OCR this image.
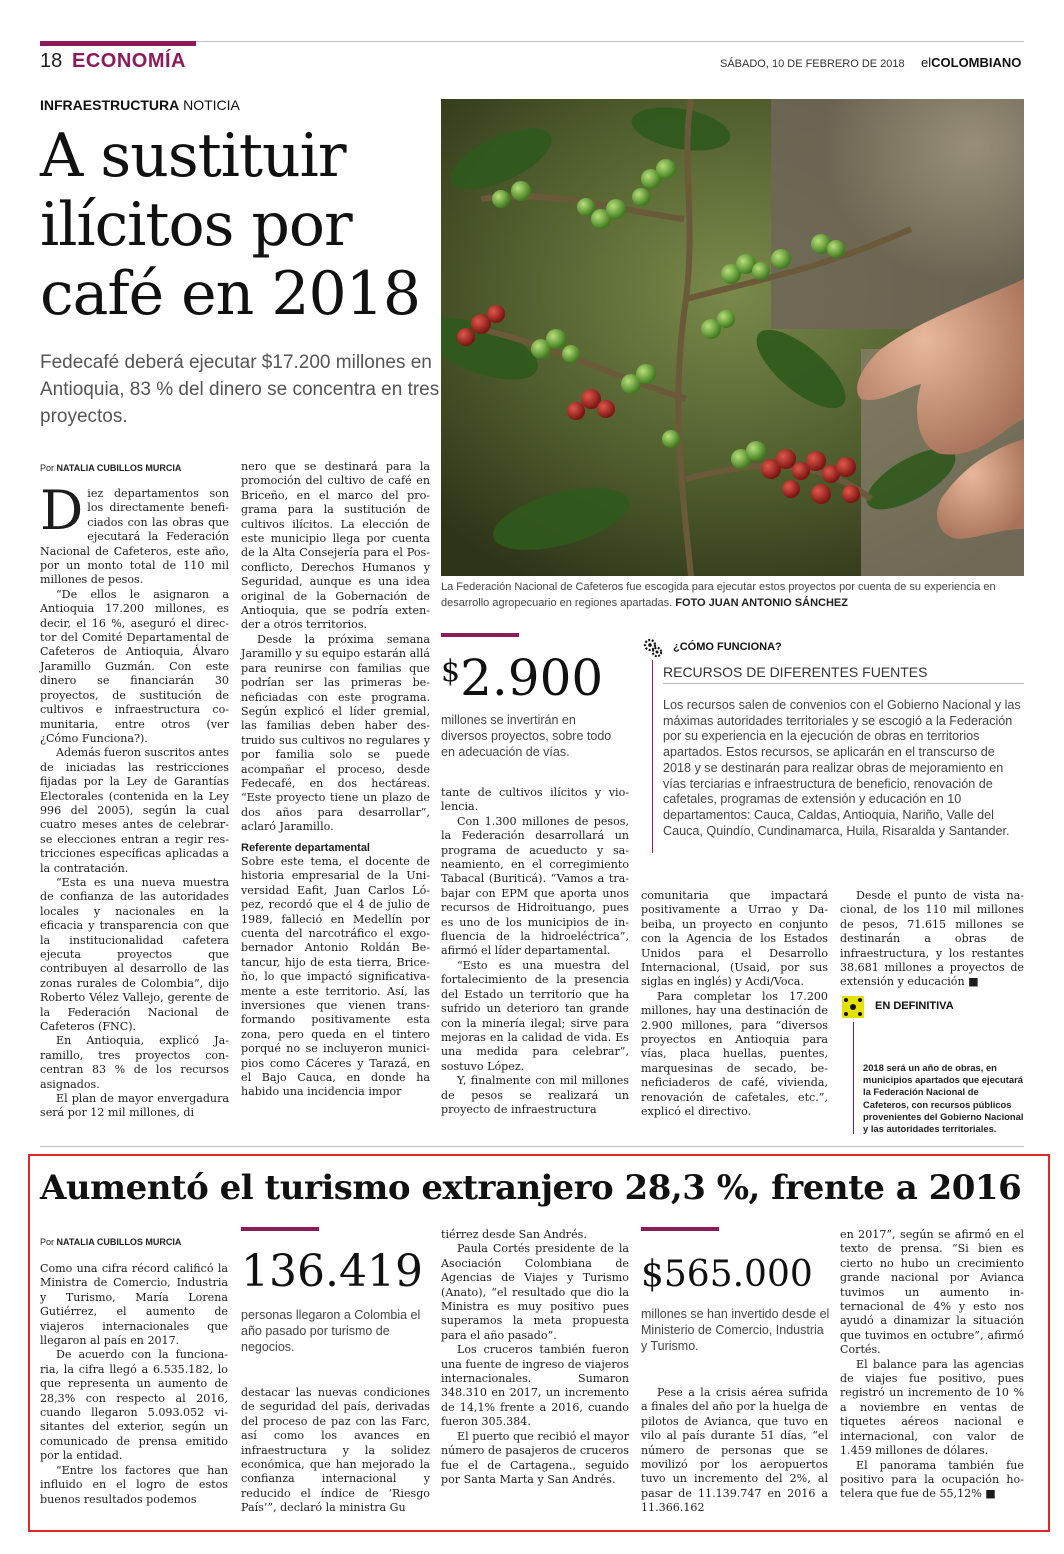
18 ECONOMÍA	SÁBADO, 10 DE FEBRERO DE 2018 elCOLOMBIANO
INFRAESTRUCTURA NOTICIA
A sustituir ilícitos por café en 2018
Fedecafé deberá ejecutar $17.200 millones en Antioquia, 83 % del dinero se concentra en tres proyectos.
La Federación Nacional de Cafeteros fue escogida para ejecutar estos proyectos por cuenta de su experiencia en desarrollo agropecuario en regiones apartadas. FOTO JUAN ANTONIO SÁNCHEZ
Por NATALIA CUBILLOS MURCIA

Diez departamentos son los directamente beneficiados con las obras que ejecutará la Federación Nacional de Cafeteros, este año, por un monto total de 110 mil millones de pesos.

“De ellos le asignaron a Antioquia 17.200 millones, es decir, el 16 %, aseguró el director del Comité Departamental de Cafeteros de Antioquia, Álvaro Jaramillo Guzmán. Con este dinero se financiarán 30 proyectos, de sustitución de cultivos e infraestructura comunitaria, entre otros (ver ¿Cómo Funciona?).

Además fueron suscritos antes de iniciadas las restricciones fijadas por la Ley de Garantías Electorales (contenida en la Ley 996 del 2005), según la cual cuatro meses antes de celebrarse elecciones entran a regir restricciones específicas aplicadas a la contratación.

“Esta es una nueva muestra de confianza de las autoridades locales y nacionales en la eficacia y transparencia con que la institucionalidad cafetera ejecuta proyectos que contribuyen al desarrollo de las zonas rurales de Colombia”, dijo Roberto Vélez Vallejo, gerente de la Federación Nacional de Cafeteros (FNC).

En Antioquia, explicó Jaramillo, tres proyectos concentran 83 % de los recursos asignados.

El plan de mayor envergadura será por 12 mil millones, di

nero que se destinará para la promoción del cultivo de café en Briceño, en el marco del programa para la sustitución de cultivos ilícitos. La elección de este municipio llega por cuenta de la Alta Consejería para el Posconflicto, Derechos Humanos y Seguridad, aunque es una idea original de la Gobernación de Antioquia, que se podría extender a otros territorios.

Desde la próxima semana Jaramillo y su equipo estarán allá para reunirse con familias que podrían ser las primeras beneficiadas con este programa. Según explicó el líder gremial, las familias deben haber destruido sus cultivos no regulares y por familia solo se puede acompañar el proceso, desde Fedecafé, en dos hectáreas. “Este proyecto tiene un plazo de dos años para desarrollar”, aclaró Jaramillo.

Referente departamental

Sobre este tema, el docente de historia empresarial de la Universidad Eafit, Juan Carlos López, recordó que el 4 de julio de 1989, falleció en Medellín por cuenta del narcotráfico el exgobernador Antonio Roldán Betancur, hijo de esta tierra, Briceño, lo que impactó significativamente a este territorio. Así, las inversiones que vienen transformando positivamente esta zona, pero queda en el tintero porqué no se incluyeron municipios como Cáceres y Tarazá, en el Bajo Cauca, en donde ha habido una incidencia impor

$2.900
millones se invertirán en diversos proyectos, sobre todo en adecuación de vías.
¿CÓMO FUNCIONA?
RECURSOS DE DIFERENTES FUENTES
Los recursos salen de convenios con el Gobierno Nacional y las máximas autoridades territoriales y se escogió a la Federación por su experiencia en la ejecución de obras en territorios apartados. Estos recursos, se aplicarán en el transcurso de 2018 y se destinarán para realizar obras de mejoramiento en vías terciarias e infraestructura de beneficio, renovación de cafetales, programas de extensión y educación en 10 departamentos: Cauca, Caldas, Antioquia, Nariño, Valle del Cauca, Quindío, Cundinamarca, Huila, Risaralda y Santander.

tante de cultivos ilícitos y violencia.

Con 1.300 millones de pesos, la Federación desarrollará un programa de acueducto y saneamiento, en el corregimiento Tabacal (Buriticá). “Vamos a trabajar con EPM que aporta unos recursos de Hidroituango, pues es uno de los municipios de influencia de la hidroeléctrica”, afirmó el líder departamental.

“Esto es una muestra del fortalecimiento de la presencia del Estado un territorio que ha sufrido un deterioro tan grande con la minería ilegal; sirve para mejoras en la calidad de vida. Es una medida para celebrar”, sostuvo López.

Y, finalmente con mil millones de pesos se realizará un proyecto de infraestructura

comunitaria que impactará positivamente a Urrao y Dabeiba, un proyecto en conjunto con la Agencia de los Estados Unidos para el Desarrollo Internacional, (Usaid, por sus siglas en inglés) y Acdi/Voca.

Para completar los 17.200 millones, hay una destinación de 2.900 millones, para “diversos proyectos en Antioquia para vías, placa huellas, puentes, marquesinas de secado, beneficiaderos de café, vivienda, renovación de cafetales, etc.”, explicó el directivo.

Desde el punto de vista nacional, de los 110 mil millones de pesos, 71.615 millones se destinarán a obras de infraestructura, y los restantes 38.681 millones a proyectos de extensión y educación ■

EN DEFINITIVA
2018 será un año de obras, en municipios apartados que ejecutará la Federación Nacional de Cafeteros, con recursos públicos provenientes del Gobierno Nacional y las autoridades territoriales.
Aumentó el turismo extranjero 28,3 %, frente a 2016
Por NATALIA CUBILLOS MURCIA

Como una cifra récord calificó la Ministra de Comercio, Industria y Turismo, María Lorena Gutiérrez, el aumento de viajeros internacionales que llegaron al país en 2017.

De acuerdo con la funcionaria, la cifra llegó a 6.535.182, lo que representa un aumento de 28,3% con respecto al 2016, cuando llegaron 5.093.052 visitantes del exterior, según un comunicado de prensa emitido por la entidad.

“Entre los factores que han influido en el logro de estos buenos resultados podemos

136.419
personas llegaron a Colombia el año pasado por turismo de negocios.

destacar las nuevas condiciones de seguridad del país, derivadas del proceso de paz con las Farc, así como los avances en infraestructura y la solidez económica, que han mejorado la confianza internacional y reducido el índice de ‘Riesgo País’”, declaró la ministra Gu

tiérrez desde San Andrés.

Paula Cortés presidente de la Asociación Colombiana de Agencias de Viajes y Turismo (Anato), “el resultado que dio la Ministra es muy positivo pues superamos la meta propuesta para el año pasado”.

Los cruceros también fueron una fuente de ingreso de viajeros internacionales. Sumaron 348.310 en 2017, un incremento de 14,1% frente a 2016, cuando fueron 305.384.

El puerto que recibió el mayor número de pasajeros de cruceros fue el de Cartagena., seguido por Santa Marta y San Andrés.

$565.000
millones se han invertido desde el Ministerio de Comercio, Industria y Turismo.

Pese a la crisis aérea sufrida a finales del año por la huelga de pilotos de Avianca, que tuvo en vilo al país durante 51 días, “el número de personas que se movilizó por los aeropuertos tuvo un incremento del 2%, al pasar de 11.139.747 en 2016 a 11.366.162

en 2017”, según se afirmó en el texto de prensa. “Si bien es cierto no hubo un crecimiento grande nacional por Avianca tuvimos un aumento internacional de 4% y esto nos ayudó a dinamizar la situación que tuvimos en octubre”, afirmó Cortés.

El balance para las agencias de viajes fue positivo, pues registró un incremento de 10 % a noviembre en ventas de tiquetes aéreos nacional e internacional, con valor de 1.459 millones de dólares.

El panorama también fue positivo para la ocupación hotelera que fue de 55,12% ■
